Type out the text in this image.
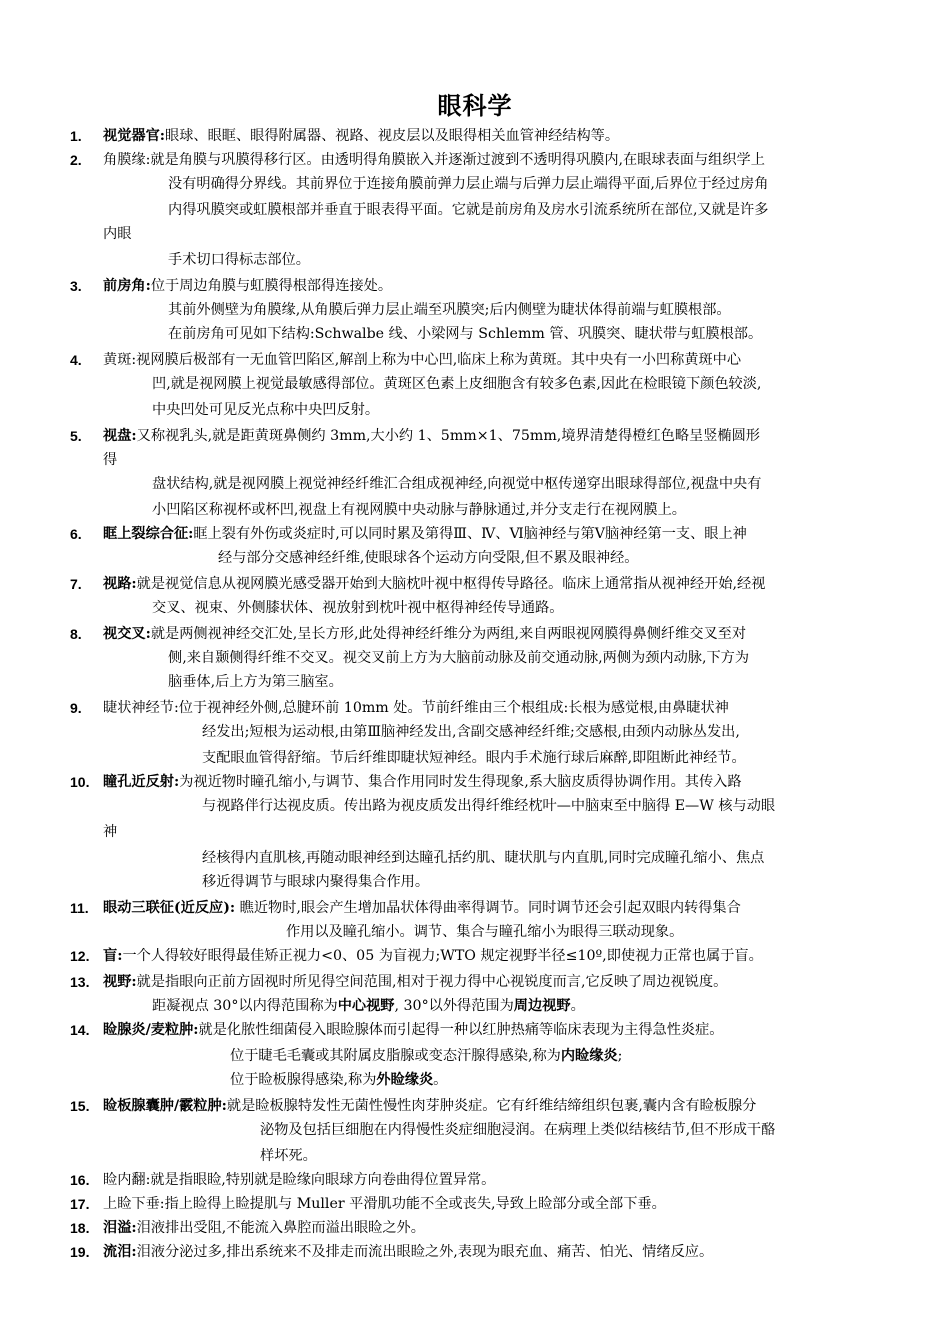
眼科学
1.
2.
3.
4.
5.
6.
7.
8.
9.
10.
11.
12.
13.
14.
15.
16.
17.
18.
19.
视觉器官:眼球、眼眶、眼得附属器、视路、视皮层以及眼得相关血管神经结构等。
角膜缘:就是角膜与巩膜得移行区。由透明得角膜嵌入并逐渐过渡到不透明得巩膜内,在眼球表面与组织学上
没有明确得分界线。其前界位于连接角膜前弹力层止端与后弹力层止端得平面,后界位于经过房角
内得巩膜突或虹膜根部并垂直于眼表得平面。它就是前房角及房水引流系统所在部位,又就是许多
内眼
手术切口得标志部位。
前房角:位于周边角膜与虹膜得根部得连接处。
其前外侧壁为角膜缘,从角膜后弹力层止端至巩膜突;后内侧壁为睫状体得前端与虹膜根部。
在前房角可见如下结构:Schwalbe 线、小梁网与 Schlemm 管、巩膜突、睫状带与虹膜根部。
黄斑:视网膜后极部有一无血管凹陷区,解剖上称为中心凹,临床上称为黄斑。其中央有一小凹称黄斑中心
凹,就是视网膜上视觉最敏感得部位。黄斑区色素上皮细胞含有较多色素,因此在检眼镜下颜色较淡,
中央凹处可见反光点称中央凹反射。
视盘:又称视乳头,就是距黄斑鼻侧约 3mm,大小约 1、5mm×1、75mm,境界清楚得橙红色略呈竖椭圆形
得
盘状结构,就是视网膜上视觉神经纤维汇合组成视神经,向视觉中枢传递穿出眼球得部位,视盘中央有
小凹陷区称视杯或杯凹,视盘上有视网膜中央动脉与静脉通过,并分支走行在视网膜上。
眶上裂综合征:眶上裂有外伤或炎症时,可以同时累及第得Ⅲ、Ⅳ、Ⅵ脑神经与第Ⅴ脑神经第一支、眼上神
经与部分交感神经纤维,使眼球各个运动方向受限,但不累及眼神经。
视路:就是视觉信息从视网膜光感受器开始到大脑枕叶视中枢得传导路径。临床上通常指从视神经开始,经视
交叉、视束、外侧膝状体、视放射到枕叶视中枢得神经传导通路。
视交叉:就是两侧视神经交汇处,呈长方形,此处得神经纤维分为两组,来自两眼视网膜得鼻侧纤维交叉至对
侧,来自颞侧得纤维不交叉。视交叉前上方为大脑前动脉及前交通动脉,两侧为颈内动脉,下方为
脑垂体,后上方为第三脑室。
睫状神经节:位于视神经外侧,总腱环前 10mm 处。节前纤维由三个根组成:长根为感觉根,由鼻睫状神
经发出;短根为运动根,由第Ⅲ脑神经发出,含副交感神经纤维;交感根,由颈内动脉丛发出,
支配眼血管得舒缩。节后纤维即睫状短神经。眼内手术施行球后麻醉,即阻断此神经节。
瞳孔近反射:为视近物时瞳孔缩小,与调节、集合作用同时发生得现象,系大脑皮质得协调作用。其传入路
与视路伴行达视皮质。传出路为视皮质发出得纤维经枕叶—中脑束至中脑得 E—W 核与动眼
神
经核得内直肌核,再随动眼神经到达瞳孔括约肌、睫状肌与内直肌,同时完成瞳孔缩小、焦点
移近得调节与眼球内聚得集合作用。
眼动三联征(近反应): 瞧近物时,眼会产生增加晶状体得曲率得调节。同时调节还会引起双眼内转得集合
作用以及瞳孔缩小。调节、集合与瞳孔缩小为眼得三联动现象。
盲:一个人得较好眼得最佳矫正视力<0、05 为盲视力;WTO 规定视野半径≤10º,即使视力正常也属于盲。
视野:就是指眼向正前方固视时所见得空间范围,相对于视力得中心视锐度而言,它反映了周边视锐度。
距凝视点 30°以内得范围称为中心视野, 30°以外得范围为周边视野。
睑腺炎/麦粒肿:就是化脓性细菌侵入眼睑腺体而引起得一种以红肿热痛等临床表现为主得急性炎症。
位于睫毛毛囊或其附属皮脂腺或变态汗腺得感染,称为内睑缘炎;
位于睑板腺得感染,称为外睑缘炎。
睑板腺囊肿/霰粒肿:就是睑板腺特发性无菌性慢性肉芽肿炎症。它有纤维结缔组织包裹,囊内含有睑板腺分
泌物及包括巨细胞在内得慢性炎症细胞浸润。在病理上类似结核结节,但不形成干酪
样坏死。
睑内翻:就是指眼睑,特别就是睑缘向眼球方向卷曲得位置异常。
上睑下垂:指上睑得上睑提肌与 Muller 平滑肌功能不全或丧失,导致上睑部分或全部下垂。
泪溢:泪液排出受阻,不能流入鼻腔而溢出眼睑之外。
流泪:泪液分泌过多,排出系统来不及排走而流出眼睑之外,表现为眼充血、痛苦、怕光、情绪反应。
